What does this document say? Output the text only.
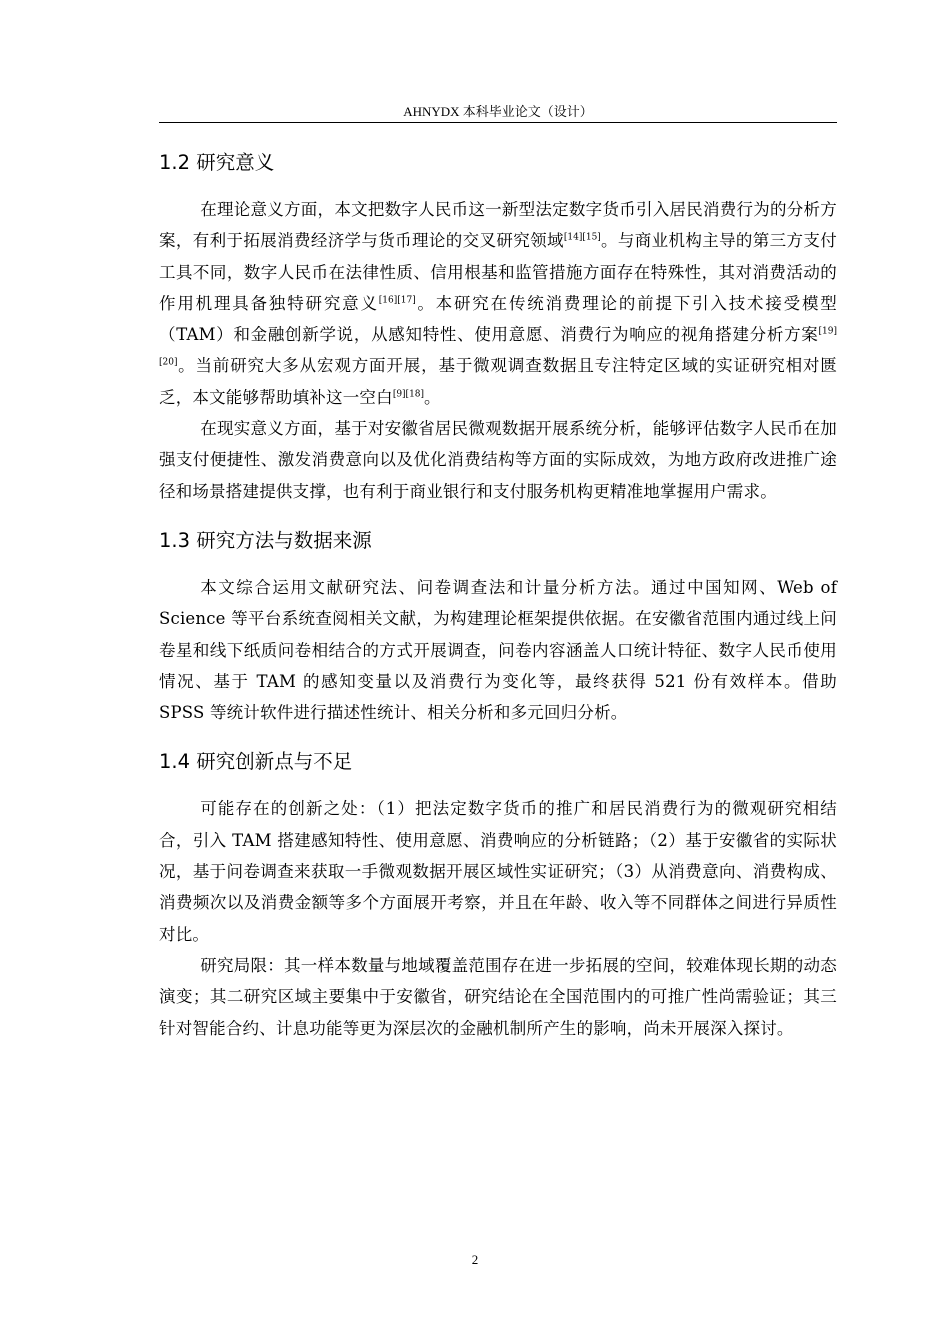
AHNYDX 本科毕业论文（设计）
1.2 研究意义

在理论意义方面，本文把数字人民币这一新型法定数字货币引入居民消费行为的分析方案，有利于拓展消费经济学与货币理论的交叉研究领域[14][15]。与商业机构主导的第三方支付工具不同，数字人民币在法律性质、信用根基和监管措施方面存在特殊性，其对消费活动的作用机理具备独特研究意义[16][17]。本研究在传统消费理论的前提下引入技术接受模型（TAM）和金融创新学说，从感知特性、使用意愿、消费行为响应的视角搭建分析方案[19][20]。当前研究大多从宏观方面开展，基于微观调查数据且专注特定区域的实证研究相对匮乏，本文能够帮助填补这一空白[9][18]。

在现实意义方面，基于对安徽省居民微观数据开展系统分析，能够评估数字人民币在加强支付便捷性、激发消费意向以及优化消费结构等方面的实际成效，为地方政府改进推广途径和场景搭建提供支撑，也有利于商业银行和支付服务机构更精准地掌握用户需求。

1.3 研究方法与数据来源

本文综合运用文献研究法、问卷调查法和计量分析方法。通过中国知网、Web of Science 等平台系统查阅相关文献，为构建理论框架提供依据。在安徽省范围内通过线上问卷星和线下纸质问卷相结合的方式开展调查，问卷内容涵盖人口统计特征、数字人民币使用情况、基于 TAM 的感知变量以及消费行为变化等，最终获得 521 份有效样本。借助 SPSS 等统计软件进行描述性统计、相关分析和多元回归分析。

1.4 研究创新点与不足

可能存在的创新之处：（1）把法定数字货币的推广和居民消费行为的微观研究相结合，引入 TAM 搭建感知特性、使用意愿、消费响应的分析链路；（2）基于安徽省的实际状况，基于问卷调查来获取一手微观数据开展区域性实证研究；（3）从消费意向、消费构成、消费频次以及消费金额等多个方面展开考察，并且在年龄、收入等不同群体之间进行异质性对比。

研究局限：其一样本数量与地域覆盖范围存在进一步拓展的空间，较难体现长期的动态演变；其二研究区域主要集中于安徽省，研究结论在全国范围内的可推广性尚需验证；其三针对智能合约、计息功能等更为深层次的金融机制所产生的影响，尚未开展深入探讨。

2
